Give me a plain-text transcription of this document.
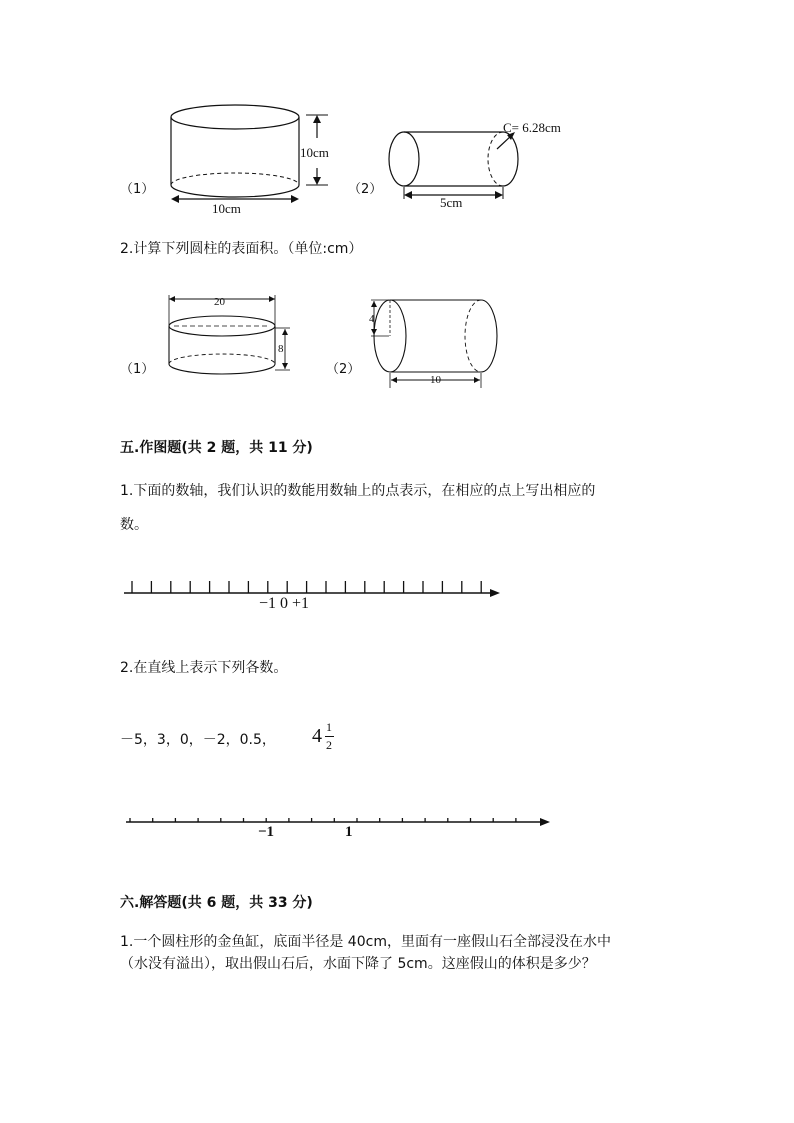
（1）
10cm
10cm
（2）
C= 6.28cm
5cm
2.计算下列圆柱的表面积。（单位:cm）
（1）
20
8
（2）
4
10
五.作图题(共 2 题，共 11 分)
1.下面的数轴，我们认识的数能用数轴上的点表示，在相应的点上写出相应的
数。
−1 0 +1
2.在直线上表示下列各数。
－5，3，0，－2，0.5， 4 1
2
−1	1
六.解答题(共 6 题，共 33 分)
1.一个圆柱形的金鱼缸，底面半径是 40cm，里面有一座假山石全部浸没在水中
（水没有溢出），取出假山石后，水面下降了 5cm。这座假山的体积是多少？
